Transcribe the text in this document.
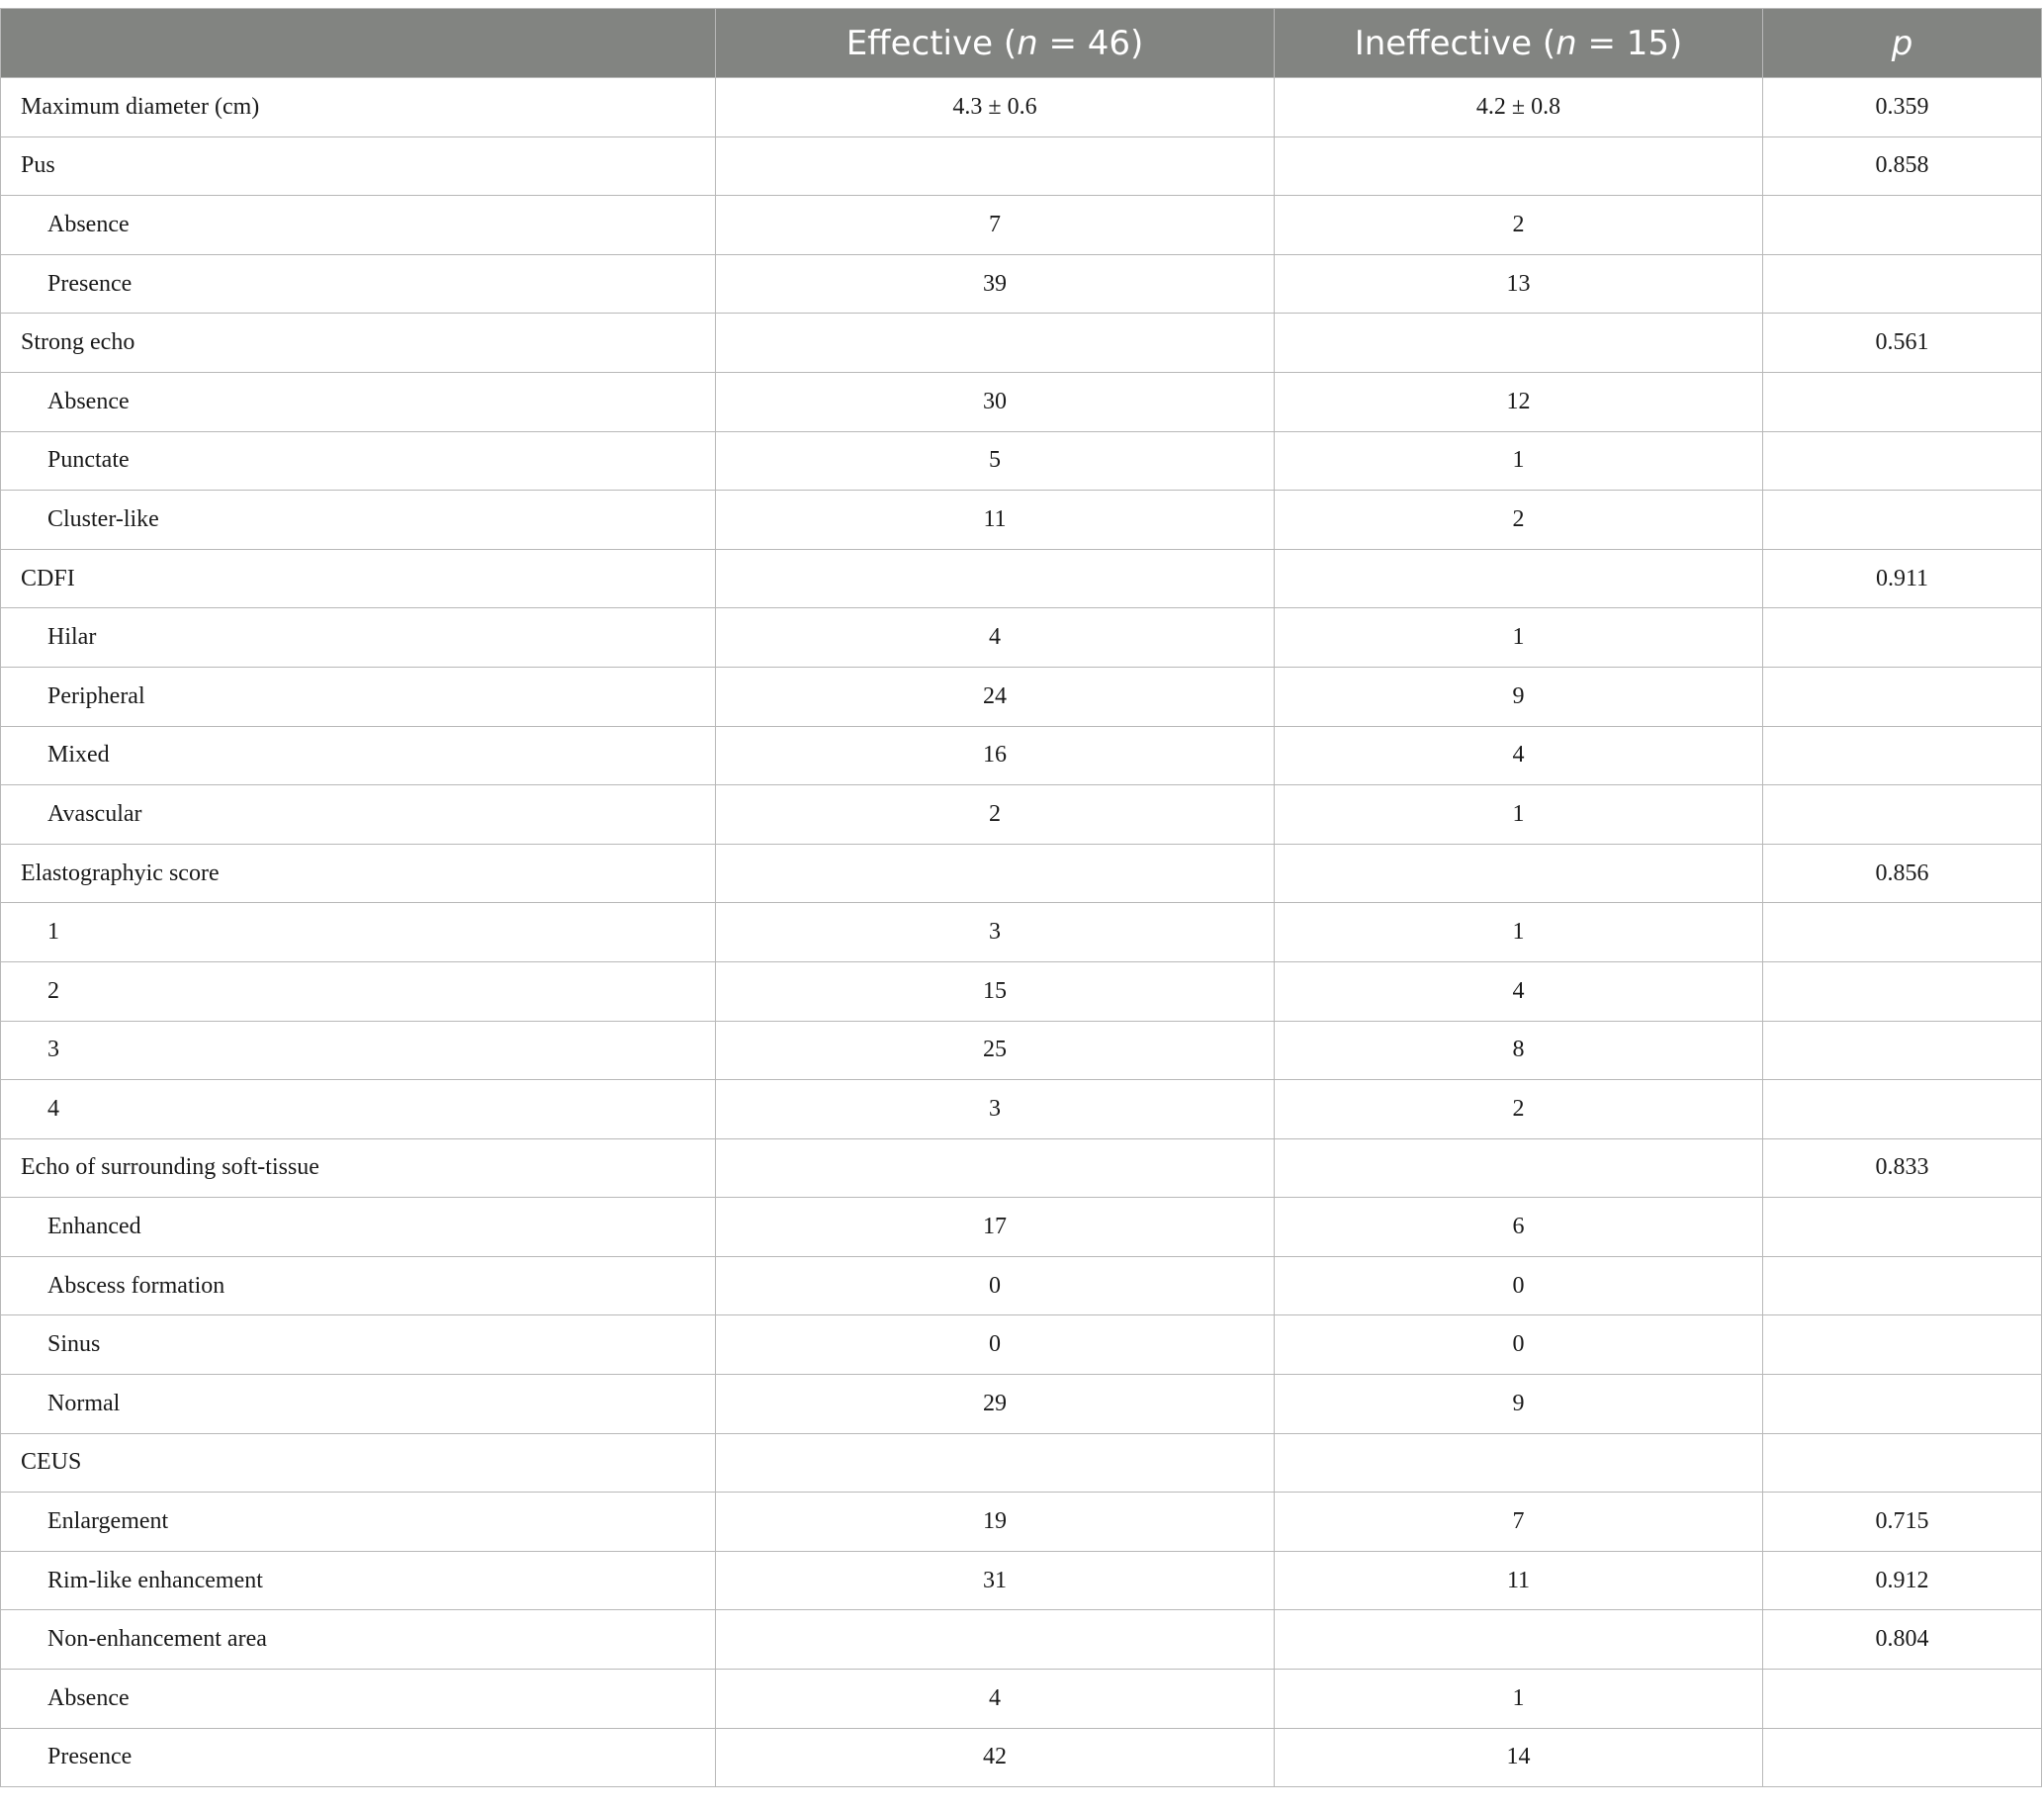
	Effective (n = 46)	Ineffective (n = 15)	p
Maximum diameter (cm)	4.3 ± 0.6	4.2 ± 0.8	0.359
Pus			0.858
Absence	7	2	
Presence	39	13	
Strong echo			0.561
Absence	30	12	
Punctate	5	1	
Cluster-like	11	2	
CDFI			0.911
Hilar	4	1	
Peripheral	24	9	
Mixed	16	4	
Avascular	2	1	
Elastographyic score			0.856
1	3	1	
2	15	4	
3	25	8	
4	3	2	
Echo of surrounding soft-tissue			0.833
Enhanced	17	6	
Abscess formation	0	0	
Sinus	0	0	
Normal	29	9	
CEUS			
Enlargement	19	7	0.715
Rim-like enhancement	31	11	0.912
Non-enhancement area			0.804
Absence	4	1	
Presence	42	14	
